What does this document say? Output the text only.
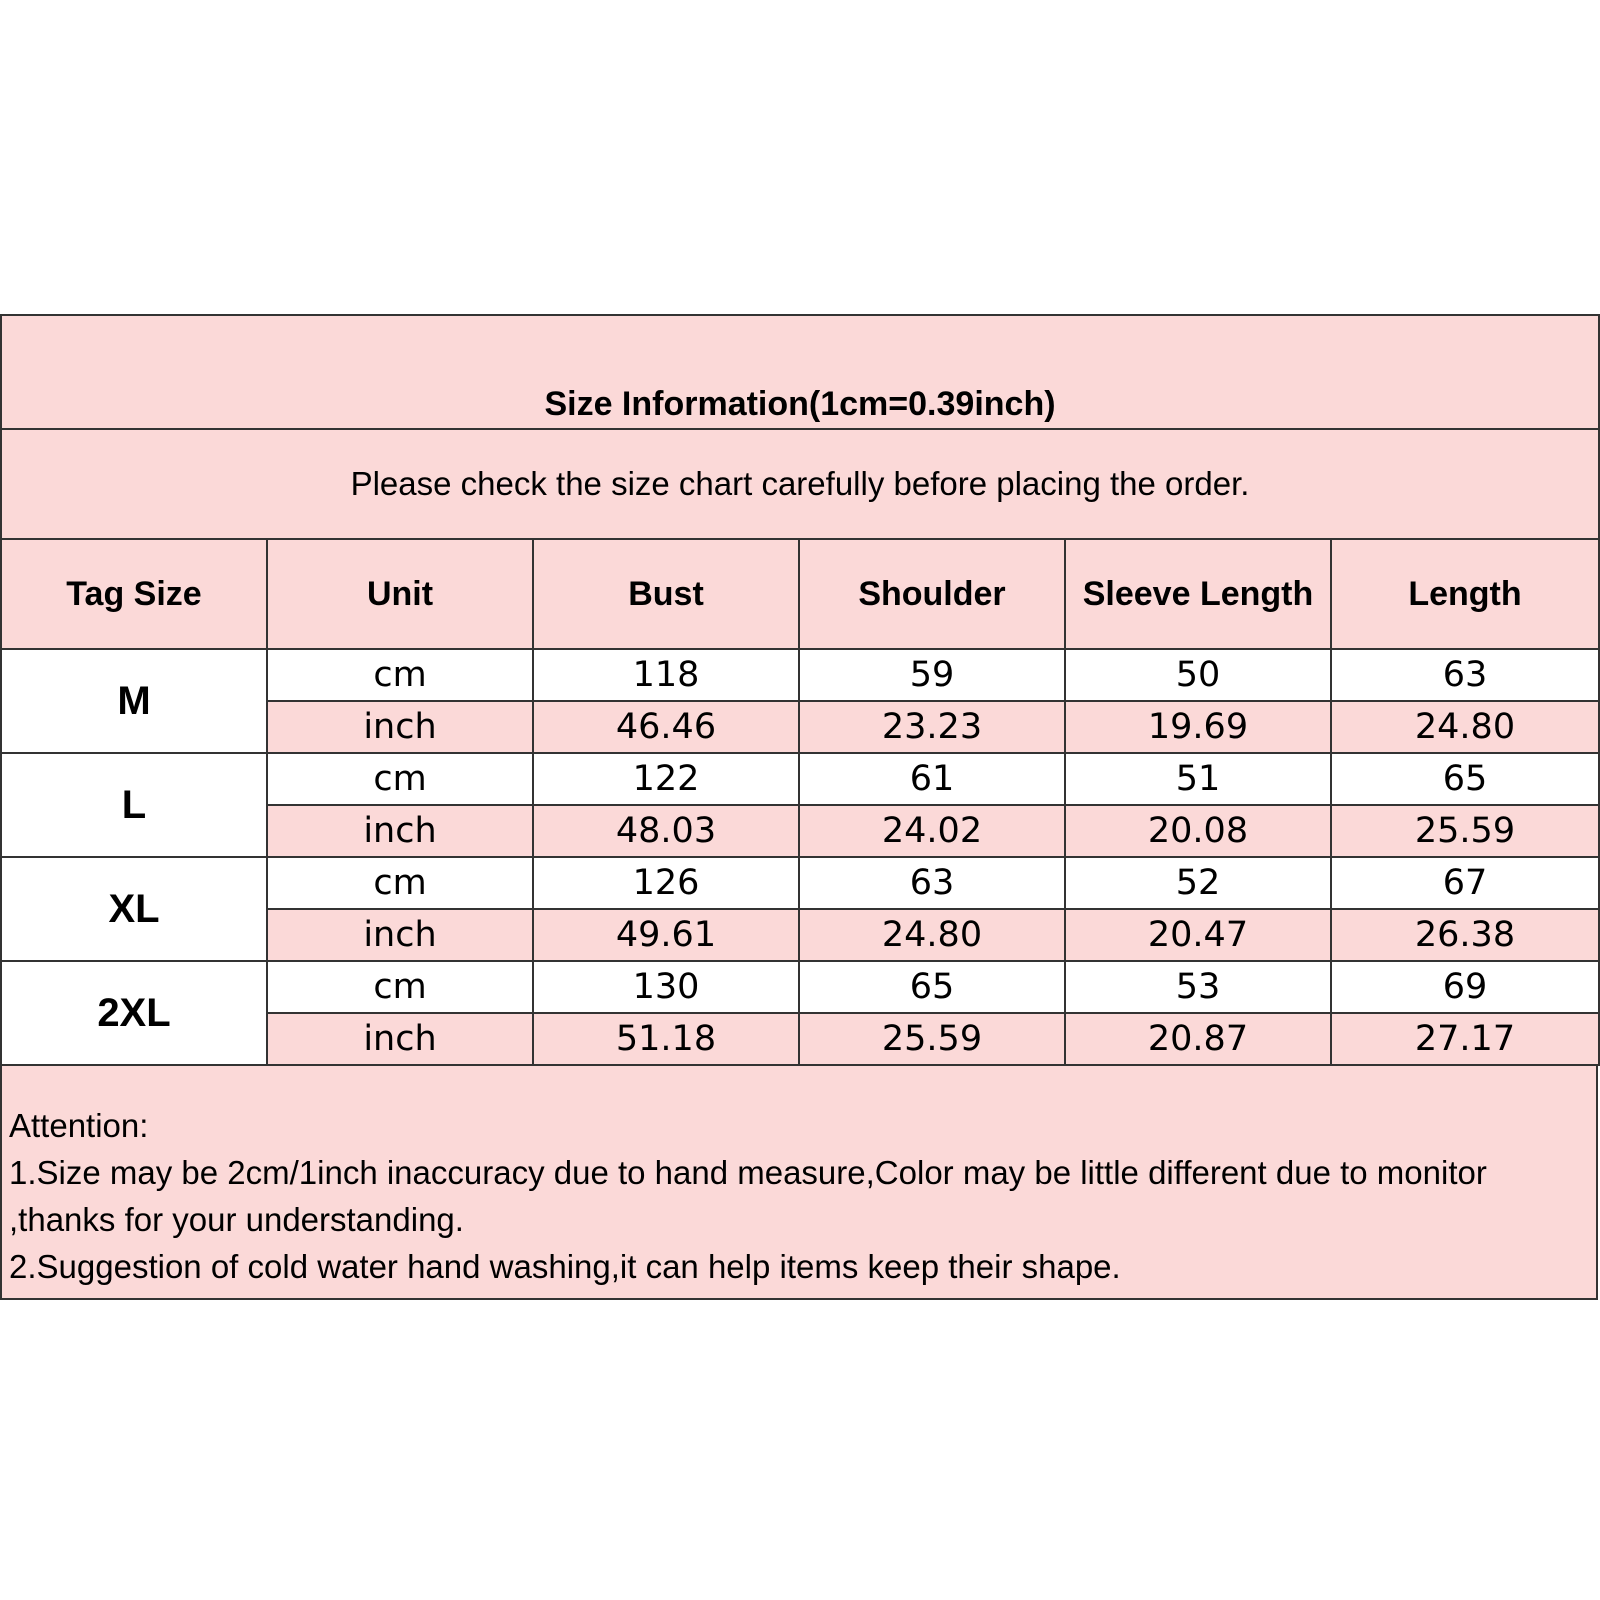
Size Information(1cm=0.39inch)					
Please check the size chart carefully before placing the order.					
Tag Size	Unit	Bust	Shoulder	Sleeve Length	Length
M	cm	118	59	50	63
	inch	46.46	23.23	19.69	24.80
L	cm	122	61	51	65
	inch	48.03	24.02	20.08	25.59
XL	cm	126	63	52	67
	inch	49.61	24.80	20.47	26.38
2XL	cm	130	65	53	69
	inch	51.18	25.59	20.87	27.17
Attention:
1.Size may be 2cm/1inch inaccuracy due to hand measure,Color may be little different due to monitor ,thanks for your understanding.
2.Suggestion of cold water hand washing,it can help items keep their shape.
